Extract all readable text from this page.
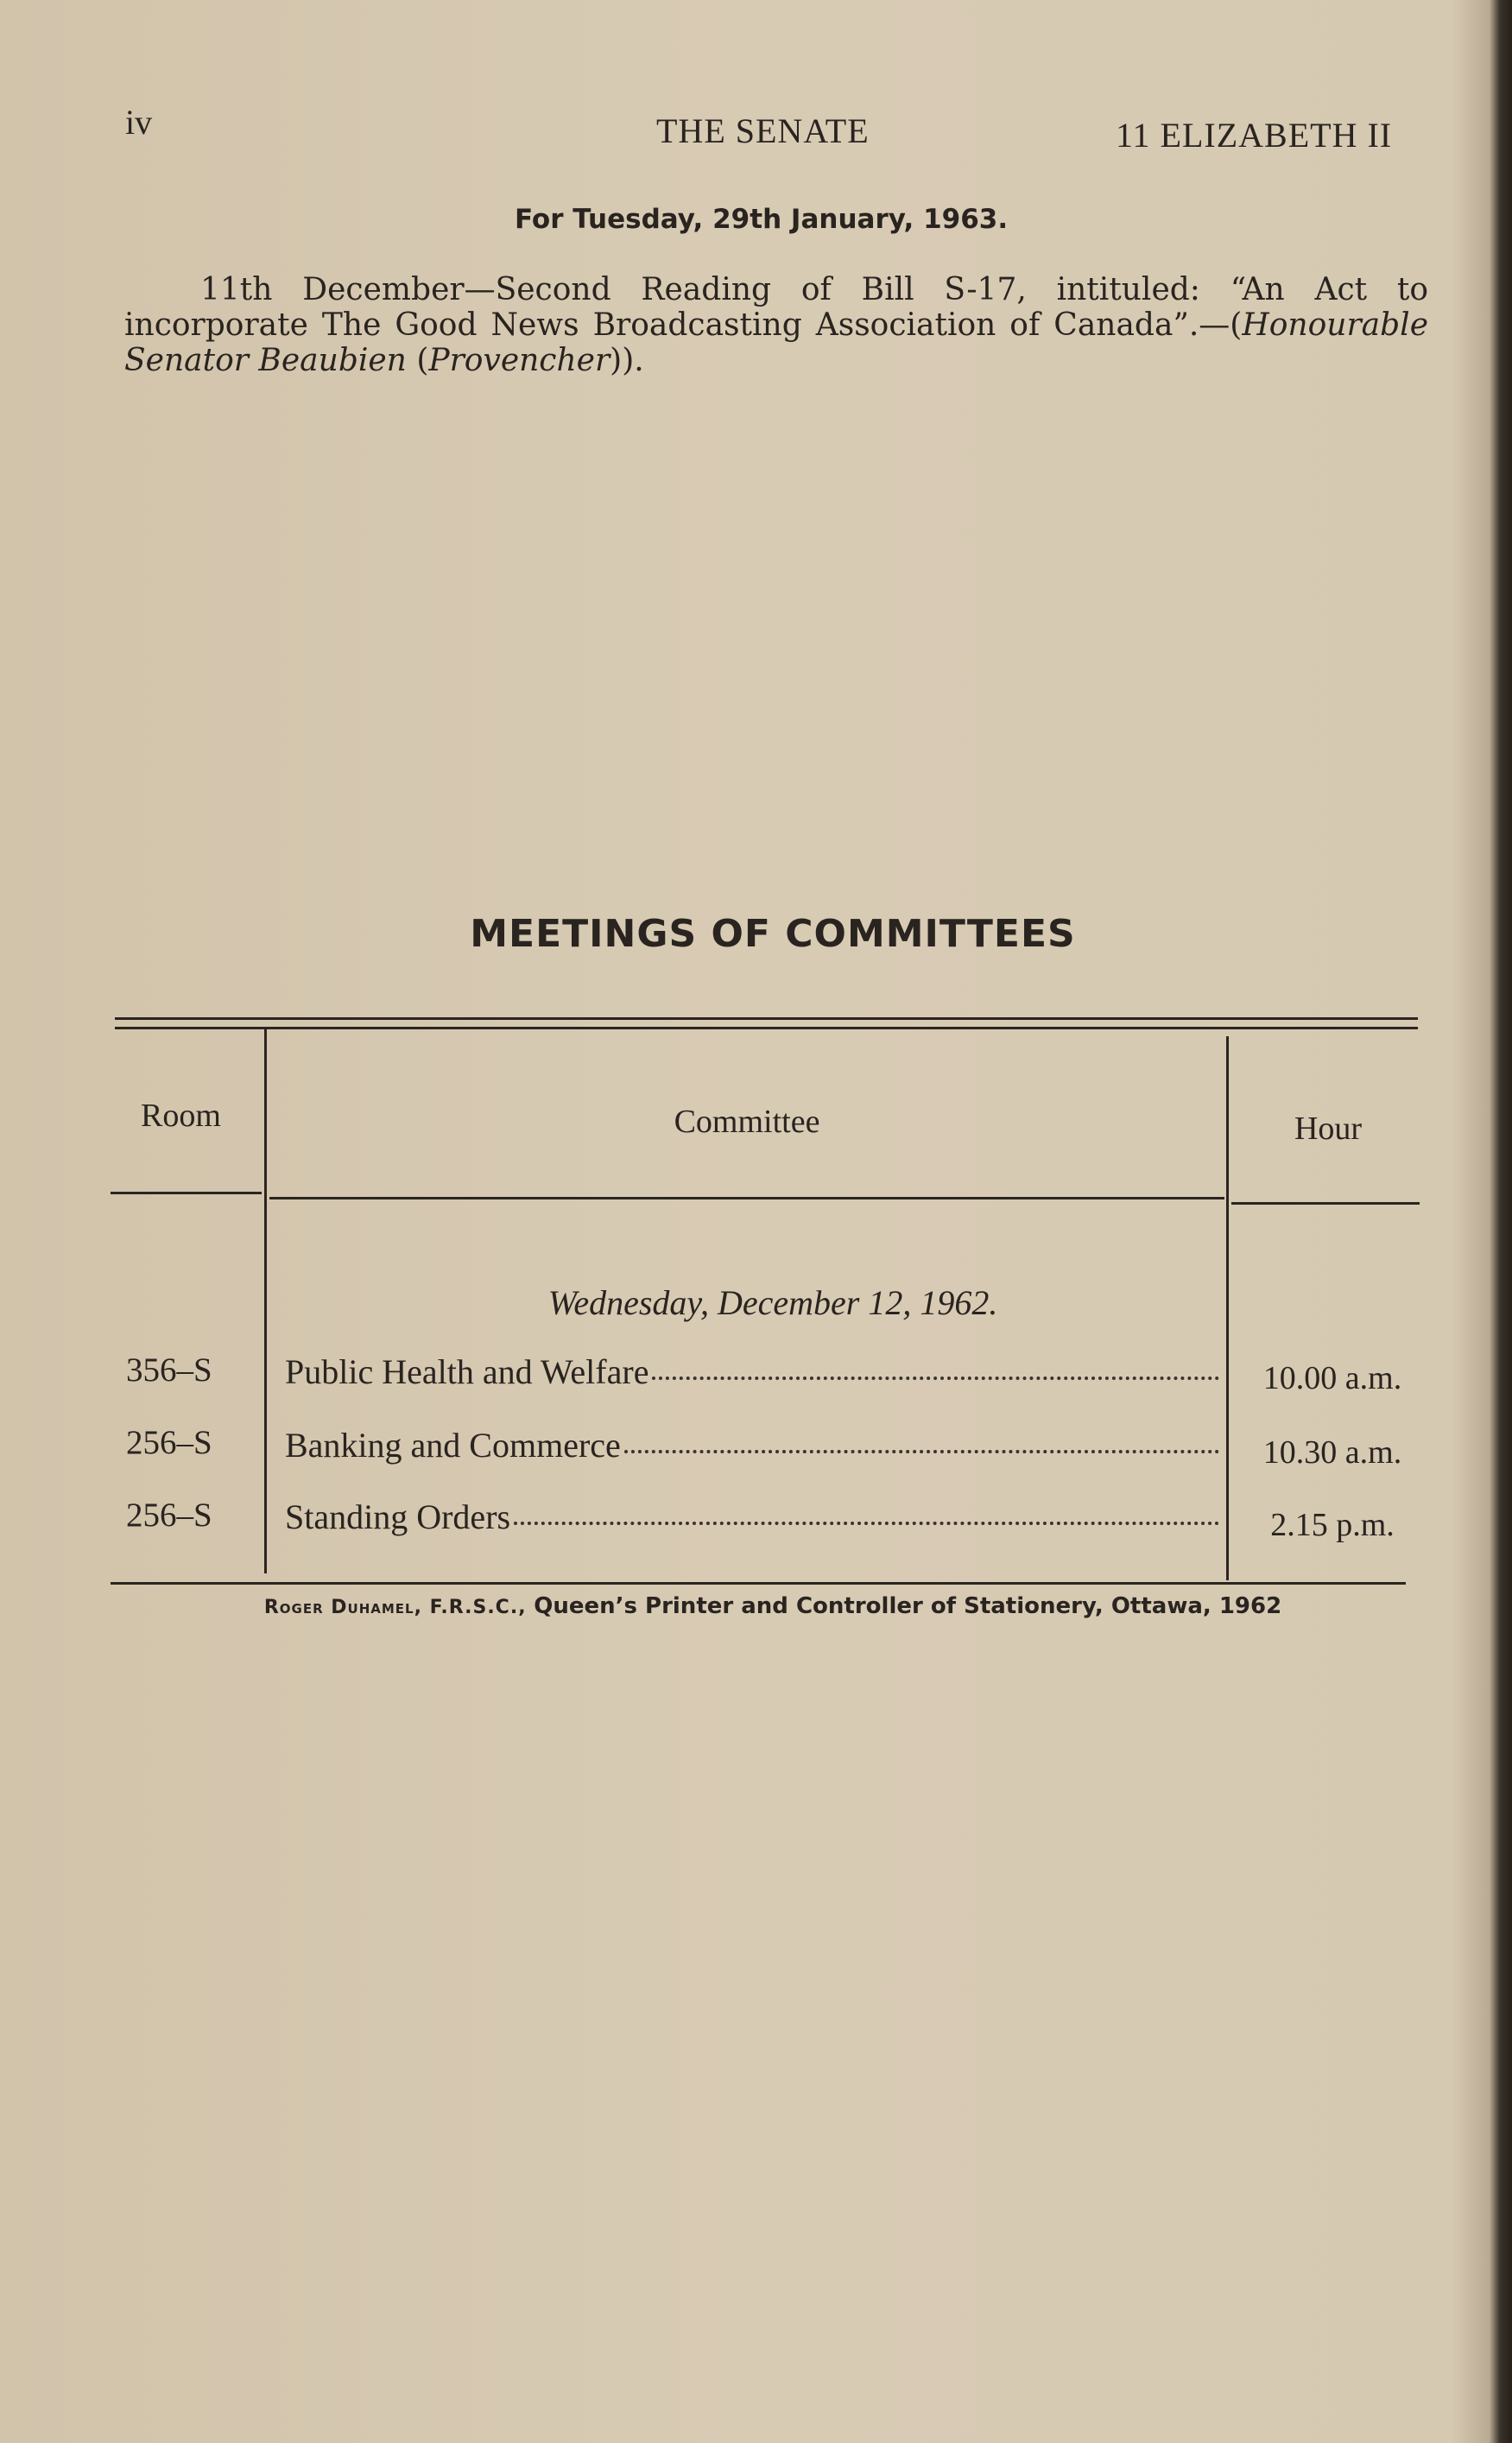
iv	THE SENATE	11 ELIZABETH II
For Tuesday, 29th January, 1963.
11th December—Second Reading of Bill S-17, intituled: “An Act to incorporate The Good News Broadcasting Association of Canada”.—(Honourable Senator Beaubien (Provencher)).
MEETINGS OF COMMITTEES
Room	Committee	Hour
Wednesday, December 12, 1962.
356–S Public Health and Welfare	10.00 a.m.
256–S Banking and Commerce	10.30 a.m.
256–S Standing Orders	2.15 p.m.
Roger Duhamel, F.R.S.C., Queen’s Printer and Controller of Stationery, Ottawa, 1962
